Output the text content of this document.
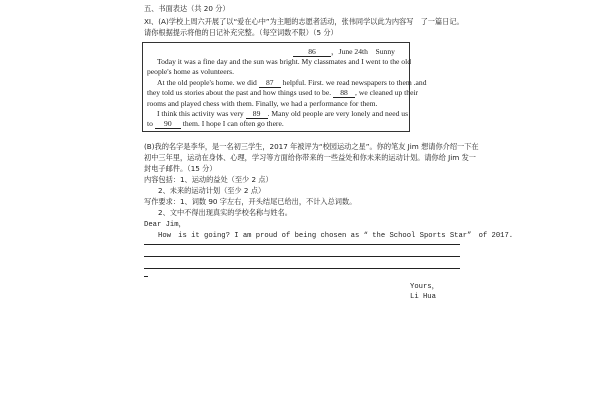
五、书面表达（共 20 分）
XI、(A)学校上周六开展了以“爱在心中”为主题的志愿者活动，张伟同学以此为内容写　了一篇日记。
请你根据提示将他的日记补充完整。（每空词数不限）（5 分）
86 ，June 24th　Sunny
Today it was a fine day and the sun was bright. My classmates and I went to the old
people's home as volunteers.
At the old people's home. we did 87 helpful. First. we read newspapers to them .and
they told us stories about the past and how things used to be. 88 , we cleaned up their
rooms and played chess with them. Finally, we had a performance for them.
I think this activity was very 89 . Many old people are very lonely and need us
to 90 them. I hope I can often go there.
(B)我的名字是李华，是一名初三学生，2017 年被评为“校园运动之星”。你的笔友 Jim 想请你介绍一下在
初中三年里，运动在身体、心理，学习等方面给你带来的一些益处和你未来的运动计划。请你给 Jim 发一
封电子邮件。（15 分）
内容包括：1、运动的益处（至少 2 点）
2、未来的运动计划（至少 2 点）
写作要求：1、词数 90 字左右，开头结尾已给出，不计入总词数。
2、文中不得出现真实的学校名称与姓名。
Dear Jim，
How　is it going? I am proud of being chosen as “ the School Sports Star”　of 2017.
Yours，
Li Hua
